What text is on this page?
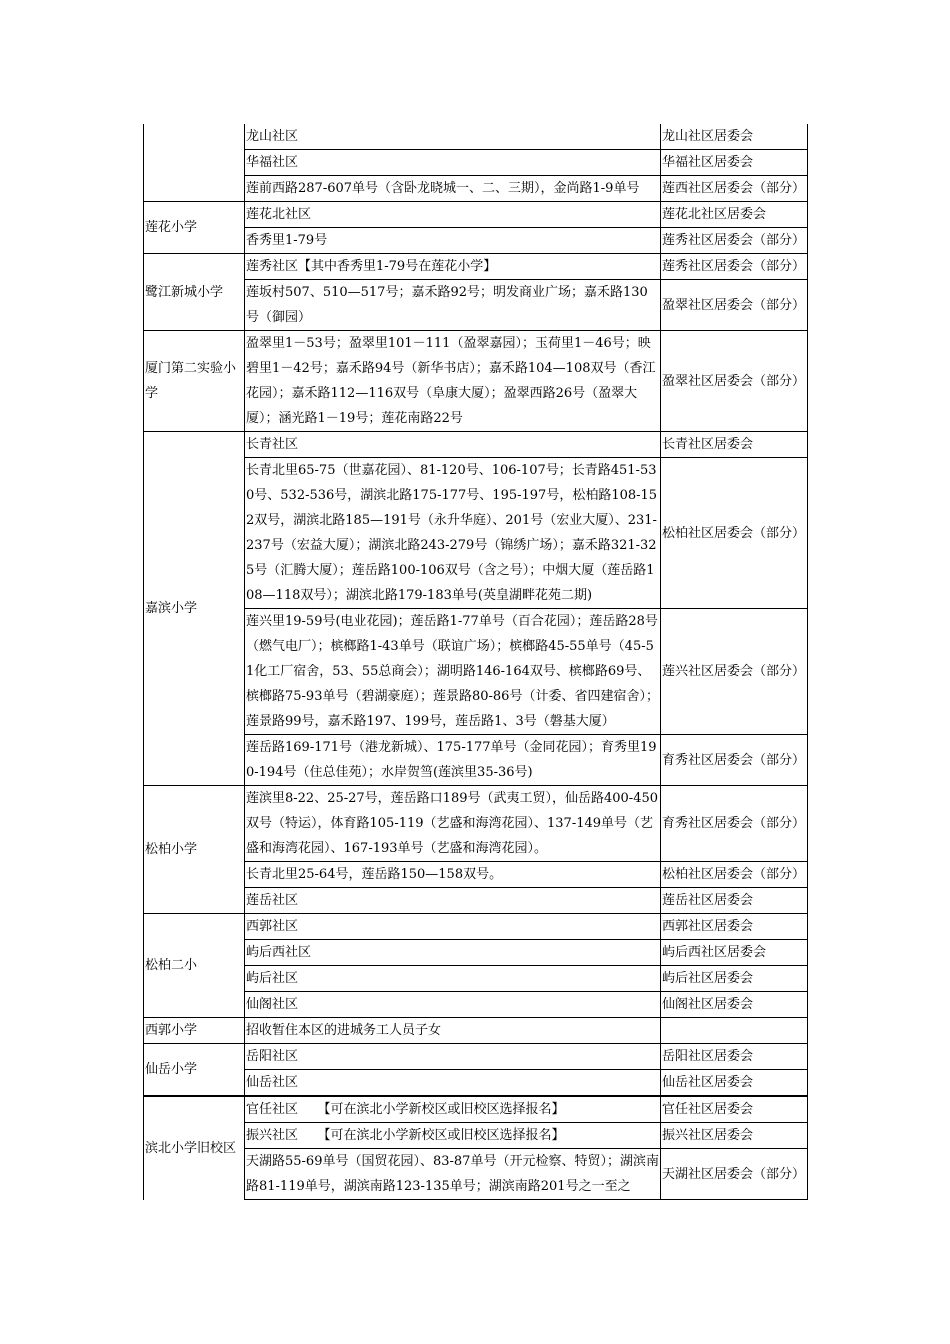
	龙山社区	龙山社区居委会
	华福社区	华福社区居委会
	莲前西路287-607单号（含卧龙晓城一、二、三期），金尚路1-9单号	莲西社区居委会（部分）
莲花小学	莲花北社区	莲花北社区居委会
	香秀里1-79号	莲秀社区居委会（部分）
鹭江新城小学	莲秀社区【其中香秀里1-79号在莲花小学】	莲秀社区居委会（部分）
	莲坂村507、510—517号；嘉禾路92号；明发商业广场；嘉禾路130号（御园）	盈翠社区居委会（部分）
厦门第二实验小学	盈翠里1－53号；盈翠里101－111（盈翠嘉园）；玉荷里1－46号；映碧里1－42号；嘉禾路94号（新华书店）；嘉禾路104—108双号（香江花园）；嘉禾路112—116双号（阜康大厦）；盈翠西路26号（盈翠大厦）；涵光路1－19号；莲花南路22号	盈翠社区居委会（部分）
嘉滨小学	长青社区	长青社区居委会
	长青北里65-75（世嘉花园）、81-120号、106-107号；长青路451-530号、532-536号，湖滨北路175-177号、195-197号，松柏路108-152双号，湖滨北路185—191号（永升华庭）、201号（宏业大厦）、231-237号（宏益大厦）；湖滨北路243-279号（锦绣广场）；嘉禾路321-325号（汇腾大厦）；莲岳路100-106双号（含之号）；中烟大厦（莲岳路108—118双号）；湖滨北路179-183单号(英皇湖畔花苑二期)	松柏社区居委会（部分）
	莲兴里19-59号(电业花园)；莲岳路1-77单号（百合花园）；莲岳路28号（燃气电厂）；槟榔路1-43单号（联谊广场）；槟榔路45-55单号（45-51化工厂宿舍，53、55总商会）；湖明路146-164双号、槟榔路69号、槟榔路75-93单号（碧湖豪庭）；莲景路80-86号（计委、省四建宿舍）；莲景路99号，嘉禾路197、199号，莲岳路1、3号（磐基大厦）	莲兴社区居委会（部分）
	莲岳路169-171号（港龙新城）、175-177单号（金同花园）；育秀里190-194号（住总佳苑）；水岸贺筜(莲滨里35-36号)	育秀社区居委会（部分）
松柏小学	莲滨里8-22、25-27号，莲岳路口189号（武夷工贸），仙岳路400-450双号（特运），体育路105-119（艺盛和海湾花园）、137-149单号（艺盛和海湾花园）、167-193单号（艺盛和海湾花园）。	育秀社区居委会（部分）
	长青北里25-64号，莲岳路150—158双号。	松柏社区居委会（部分）
	莲岳社区	莲岳社区居委会
松柏二小	西郭社区	西郭社区居委会
	屿后西社区	屿后西社区居委会
	屿后社区	屿后社区居委会
	仙阁社区	仙阁社区居委会
西郭小学	招收暂住本区的进城务工人员子女	
仙岳小学	岳阳社区	岳阳社区居委会
	仙岳社区	仙岳社区居委会
滨北小学旧校区	官任社区　　【可在滨北小学新校区或旧校区选择报名】	官任社区居委会
	振兴社区　　【可在滨北小学新校区或旧校区选择报名】	振兴社区居委会
	天湖路55-69单号（国贸花园）、83-87单号（开元检察、特贸）；湖滨南路81-119单号，湖滨南路123-135单号；湖滨南路201号之一至之	天湖社区居委会（部分）
